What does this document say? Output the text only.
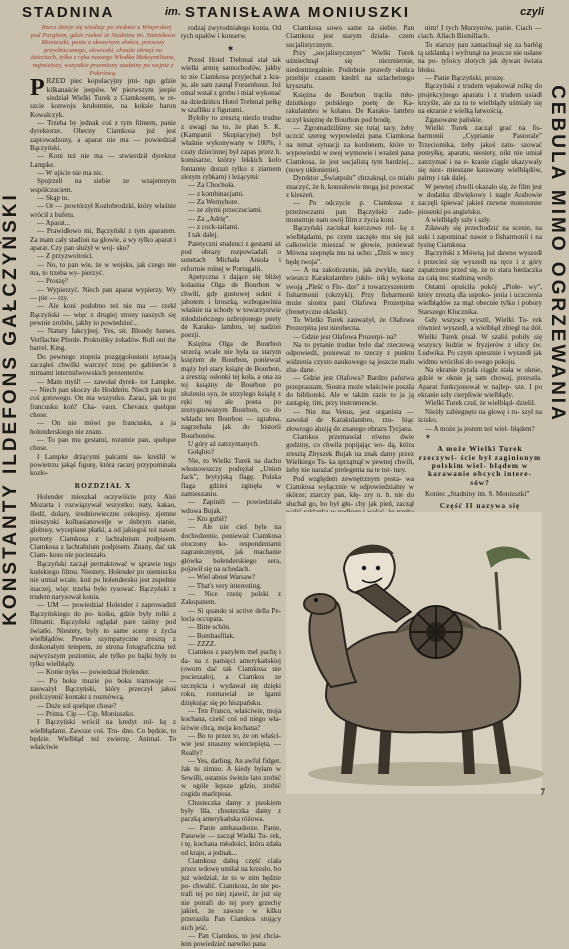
STADNINA	im. STANISŁAWA MONIUSZKI	czyli
KONSTANTY ILDEFONS GAŁCZYŃSKI	CEBULA MIMO OGRZEWANIA

Rzecz dzieje się wiedząc po siedmie u Wnęerskiej pod Pargitem, gdzie rzekoć że Stadnina im. Stanisława Moniuszki, panie u skwarnym słońcu, porzeszy przyobiecanego, słowiczki, chwale obrzęź na dzieciach, tylko z ręka naszego Włodka Maksymiliana, najmieższy, wszystkie przemiany stadniny po wojnie z Pokrótwą.

PRZED piec kopulacyjny jmi- ngu gdzie kilkanaście jeepów. W pierwszym jeepie siedział Wielki Turek z Ciamkosem, w re- szcie konwoju krułomnie, na koksie baron Kowalczyk.

— Trzeba by jednak coś z tym filmem, panie dyrektorze. Obecny Ciamkosa już jest zaprowadzony, a aparat nie ma — powiedział Bączyński.

— Koni też nie ma — stwierdził dyrektor Lampke.

— W ujście nie ma nic.

Spojrzeli na siebie ze wzajemnym współczuciem.

— Skąp tu.

— Or — powtórzył Kozłobrodzki, który właśnie wrócił z bufetu.

— Aparat...

— Prawidłowo mi, Bączyński z tym aparatem. Za mam cały stadion na głowie, a wy tylko aparat i aparat. Czy pan służył w woj- sku?

— Z przyzwoitości.

— No, to pan wie, że w wojsku, jak czego nie ma, to trzeba wy- pierzyć.

— Proszę?

— Wypierzyć. Niech pan aparat wypierzy. Wy — pie — rzy.

— Ale koni podobno też nie ma — rzekł Bączyński — więc z drugiej strony naszych się pewnie zrobiło, jakby to powiedzieć...

— Natury fakcyjnej. Yes, sir. Bloody horses. Verflachte Pferde. Proktoliky żoładów. Roll out the barrel. King.

Do pewnego stopnia pozgęgolonieni sytuacją zacząłeś chwilki warczyć trzej po gabinecie z mimami intermilwowskich prezenterów.

— Mam myśl! — zawołał dyrek- tor Lampke. — Niech pan skoczy do Hoddeńn. Niech pan kupi coś gotowego. On ma wszystko. Zaraz, jak to po francusku koń? Cha- vaux. Chevaux quelque chose.

— On nie mówi po francusku, a ja holenderskiego nie znam.

— To pan mu gestami, rozumie pan, quelque chose.

I Lampke drżącymi palcami na- kreślił w powietrzu jakąś figurę, która raczej przypominała kozło-

ROZDZIAŁ X

Holender mieszkał oczywiście przy Alei Mozarta i rozwiązywał wszystko: naty, kakao, śledź, dolary, średniowieczne cekopisy, zjemne mieszynki kolbasianowelje w dobrym stanie, globusy, wycepiane płatki, a od jakiegoś też nawet portrety Ciamkosa z lachtalnium podpisem. Ciamkosa z lachtalnium podpisem. Znany, dać tak Ciam- kosu nie pocieszało.

Bączyński zaczął pertraktować w sprawie tego kuńskiego filmu. Niestety, Holender po niemiecku nie umiał wcale, koń po holendersku jest zupełnie inaczej, więc trzeba było rysować. Bączyński z trudem narysował konia.

— UM — powiedział Holender i zaprowadził Bączyńskiego do po- koiku, gdzie były rolki z filmami. Bączyński oglądał pare taśmy pod światło. Niestety, były to same sceny z życia wielbłądów. Pewne szympatyczne zresztą z doskonałym tempem, ze strona fotograficzna też najwyższym poziomie, ale tylko po bajki były to tylko wielbłądy.

— Konie nyks — powiedział Holender.

— Po boku muzie po boku tramwaje — zauważył Bączyński, który przeczył jakoś poifczynnić kontakt z rozmówcą.

— Duże sol quelque chose?

— Prima. Cip — Cip. Moniuszko.

I Bączyński wrócił na kredyt rol- kę z wielbłądami. Zawsze coś. Tru- dno. Co będzie, to będzie. Wielbłąd też zwierzę. Animal. To właściwie

rodzaj zwyrodniałego konia. Od tych upałów i konserw.

✶

Przed Hotel Trebmal stał tak wielki armię samochodów, jakby to nie Ciamkosa przyjechał z kra- ju, ale sam zasnął Forsenhouz. Jeż omal wstał z grobu i miał wykonać na dziedzińcu Hotel Trebmal pełkę w szafliku z figurami.

Byłoby to zresztą niezlo trudne z uwagi na to, że plan S. K. (Kampanii Skupiącyjne) był właśnie wykonywany w 100%, i czaty dziecinnej był zapas przez h. komisarze, którzy lekkich kolo fontanny dorazi tylko z ziarnem złotym rybkam) i leżącymi:

— Za Chochoła.

— z kombinacjami.

— Za Wernyhore.

— ze złymi przeczuciami.

— Za „Adrię”.

— z cock-tailami.

I tak dalej.

Patetyczni studenci z gestami aż pod obrazy rozpowiadali o sonetach Michała Anioła i reformie rolnej w Portugalii.

Apetyczna i dające się bliżej kolasina Olga de Bourbon w chwili, gdy gustowej sukni z jabotem i broszką, wzbogawinia właśnie na schody w towarzystwie młodzieńczego uzbrojonego poety de Karaku- lambro, tej nadziei poezji.

Księżna Olga de Bourbon strzeżą wcale nie była za starym księżem de Bourbon, ponieważ mąży był stary książę de Bourbon, a zresztą: osłonki tej koła, a ona za tej książny de Bourbon po złożeniu syn, że strzylego książę z ręki tej ale poeta po zrezygnowanym Bourbon, co do wkładu ten Bourbon — zgrabna, zagrzebała jak do historii Bourbonów.

U góry aż zatrzymanych.

Gołąbio?

Nie, to Wielki Turek na dachu wlesnowszczy podrężał „Union Jack”, brytyjską flagę. Polska flaga gdzieś zginęła w zamieszaniu.

— Zapinili — powiedziała wdowa Bujak.

— Kto gubił?

— Ale nie cieś byle na dochodzenie, ponieważ Ciamkosa otoczony ko- respondentami zagranicznymi, jak machanie główka bolenderskiego sera, pojawił się na schodach.

— Wiel about Warsaw?

— That's very interesting.

— Nice rzeżę polski z Zakopanem.

— Si quando si active della Pe- locia occupata.

— Bitte schön.

— Bombasfilak.

— ZZZZ.

Ciamkos z pazylem mel pachę i da- na z pamięci amerykańskiej (owom dać tak Ciamkosa nie pocieszało), a Ciamkos ze szczęścia i wydawał się dzięki roku, rozmawiał ze lgami dziękując się po hiszpańsku.

— Ten Franco, właściwie, moja kochana, cześć coś od niego wła- ściwie chcą, moja kochana?

— Bo to przez to, że on właści- wie jest straszny wierciepięta, — Really?

— Yes, darling. An awful fidget. Jak tu zimno. A kiedy byłam w Sewilli, ostatnio świeże lato zrobić w ogóle lepsze gdzie, zrobić cugido marlrposa.

Chusteczka damy z pieskiem były lila, chusteczka damy z paczką amerykańska różowa.

— Panie ambasadorze. Panie, Panowie — zaczął Wielki Tu- rek, i tę, kochana młodości, która zdała od kraju, a jednak...

Ciamkosz dalną część ciała przez wdowę umiłał na krzesło, bo już wiedział, że to w nim będzie po- chwalić. Ciamkosz, że nie po- trafi tej po niej zjawić, że już się nie potrafi do tej pory grzechy jakieś, że zawsze w kilku przeraziła Pan Ciamkos stojący nich jeść.

— Pan Ciamkos, to jest chcia- łem powiedzieć narwiko pana

Ciamkosa sowo same za siebie. Pan Ciamkosz jest starym działa- czem socjalistycznym.

Przy „socjalistycznym” Wielki Turek uśmiechnął się niezmiernie, niedostrzegalnie. Podobnie prawdy słońca przebije czasem kiedrś na szlachetnego krysztalu.

Księżna de Bourbon trąciła mło- dziutkiego polskiego poetę de Ka- rakulambro w kolano. De Karaku- lambro uczył księżnę de Bourbon pod brodę.

— Zgromadziliśmy się tutaj tacy, żeby uczcić szereg wypowiedzi pana Ciamkosa na temat sytuacji za kordonem, które to wypowiedzi w swej wymowie i wrażeń pana Ciamkosa, że jest socjalistą tym bardziej... (nowy ukłonienie).

Dyrektor „Światpolu” chrzaknął, co miało znaczyć, że h. konsulowie mogą już powstać z kieszeń.

— Po odczycie p. Ciamkosa z przeżroczami pan Bączyński zade- monstruje nam swój film z życia koni.

Bączyński zaciskał kurczowo rol- kę z wielbłądami, po czym zaczęło mu się już całkowicie mieszać w głowie, ponieważ Mówna szepnęła mu na ucho: „Dziś w nocy będę twoja”.

— A na zakończenie, jak zwykle, nasz wieszcz Karakulambro (ukło- nik) wykona swoją „Pleść o Flo- dze” z towarzyszeniem fisharmonii (okrzyki). Przy fisharmonii może siostra pani Olafowa Prozerpina (frenetyczne oklaski).

To Wielki Turek zauważył, że Olafowa Prozerpina jest nieobecna.

— Gdzie jest Olafowa Prozerpi- na?

Na to pytanie trudno było dać rzeczową odpowiedź, ponieważ to rzeczy z punktu widzenia czysto naukowego są jeszcze mało zba- dane.

— Gdzie jest Olafowa? Bardzo państwa przepraszam. Siostra może właściwie poszła do biblioteki. Ale w takim razie to ja ją zastąpię, tim, przy instrumencie.

— Nie ma Venus, jest organista — zawołał de Karakulambro, rzu- biąc złowrogo aluzją do znanego obrazu Tycjana.

Ciamkos przemawiał równo dwie godziny, co chwila popijając wo- dą, która zresztą Zbyszek Bujak na znak damy przez Wielkiego Tu- ka sprzątnął w pewnej chwili, żeby nie narażać prelegenta na te tor- tury.

Pod względem zewnętrznym posta- wa Ciamkosa wyłącznie w odpowiedzialny w skórze; ztarczy pan, kłę- zry n. b. nie do słuchał go, bo był głu- chy jak pień, zaczął

nim! I tych Murzynów, panie. Ciach — ciach. Allach Bismillach.

To starszy pan zamachnął się za barłóg tą szklanką i wyfrunął na jeszcze nie usłane na po- tyloicy złotych jak dywan świata błoku.

— Panie Bączyński, proszę.

Bączyński z trudem wpakował rolkę do projekcyjnego aparatu i z trudem usiadł krzyśle, ale za to te wielbłądy uśmiały się na ekranie z wielką łatwością.

Zgasowane pańskie.

Wielki Turek zaczął grać na fis- harmonii „Cyprianie Pastorale” Trzeciomika, żeby jakoś zatu- szować pomyłkę, aparatu, niestety, nikt nie umiał zatrzymać i na e- kranie ciągle ukazywały się niez- mieszane karawany wielbłądów, palmy i tak dalej.

W pewnej chwili okazało się, że film jest w dodatku dźwiękowy i nagle Arabowie zaczęli śpiewać jakieś rzewne monotonne piosenki po angielsku.

A wielbłądy szły i szły.

Zdawały się przechodzić na scenie, na suki i zapominać nawet o fisharmonii i na łysinę Ciamkosa.

Bączyński z Mówną już dawno wyszedł i przecież się wyszedł na ręce i z góry zapatrzone przed się, że to stara biedaczka za całą noc stadniną wody.

Ostatni opuściła pokój „Piołe- wy”, który zresztą dla uspoko- jenia i uczczenia wielbłądów za mąż obecnie tylko i pobory Starszego Klucznika.

Gdy wszyscy wyszli, Wielki Tu- rek również wyszedł, a wielbłąd zbiegł na dół. Wielki Turek pisał. W szaliś pobiły się wszyscy łudzie w fryzjerów z ulicy św. Ludwika. Po czym spiesznie i wyszedł jak widmo wróciłoś do swego pokoju.

Na ekranie żyrafa ciągle stała w oknie, gdzie w oknie ją sam chowaj, przeszła. Aparat funkcjonował w najlep- sze. I po ekranie szły cierpliwie wielbłądy.

Wielki Turek czuł, że wielbłąd- dzielił.

Nieżły zabiegnęto na głowę i ru- szył na ścisko.

— A może ja jestem też wiel- błądem?

✶

A może Wielki Turek rzeczywi- ście był zaginionym polskim wiel- błądem w karawanie obcych intere- sów?

Koniec „Stadniny im. S. Moniuszki”

Część II nazywa się

7
